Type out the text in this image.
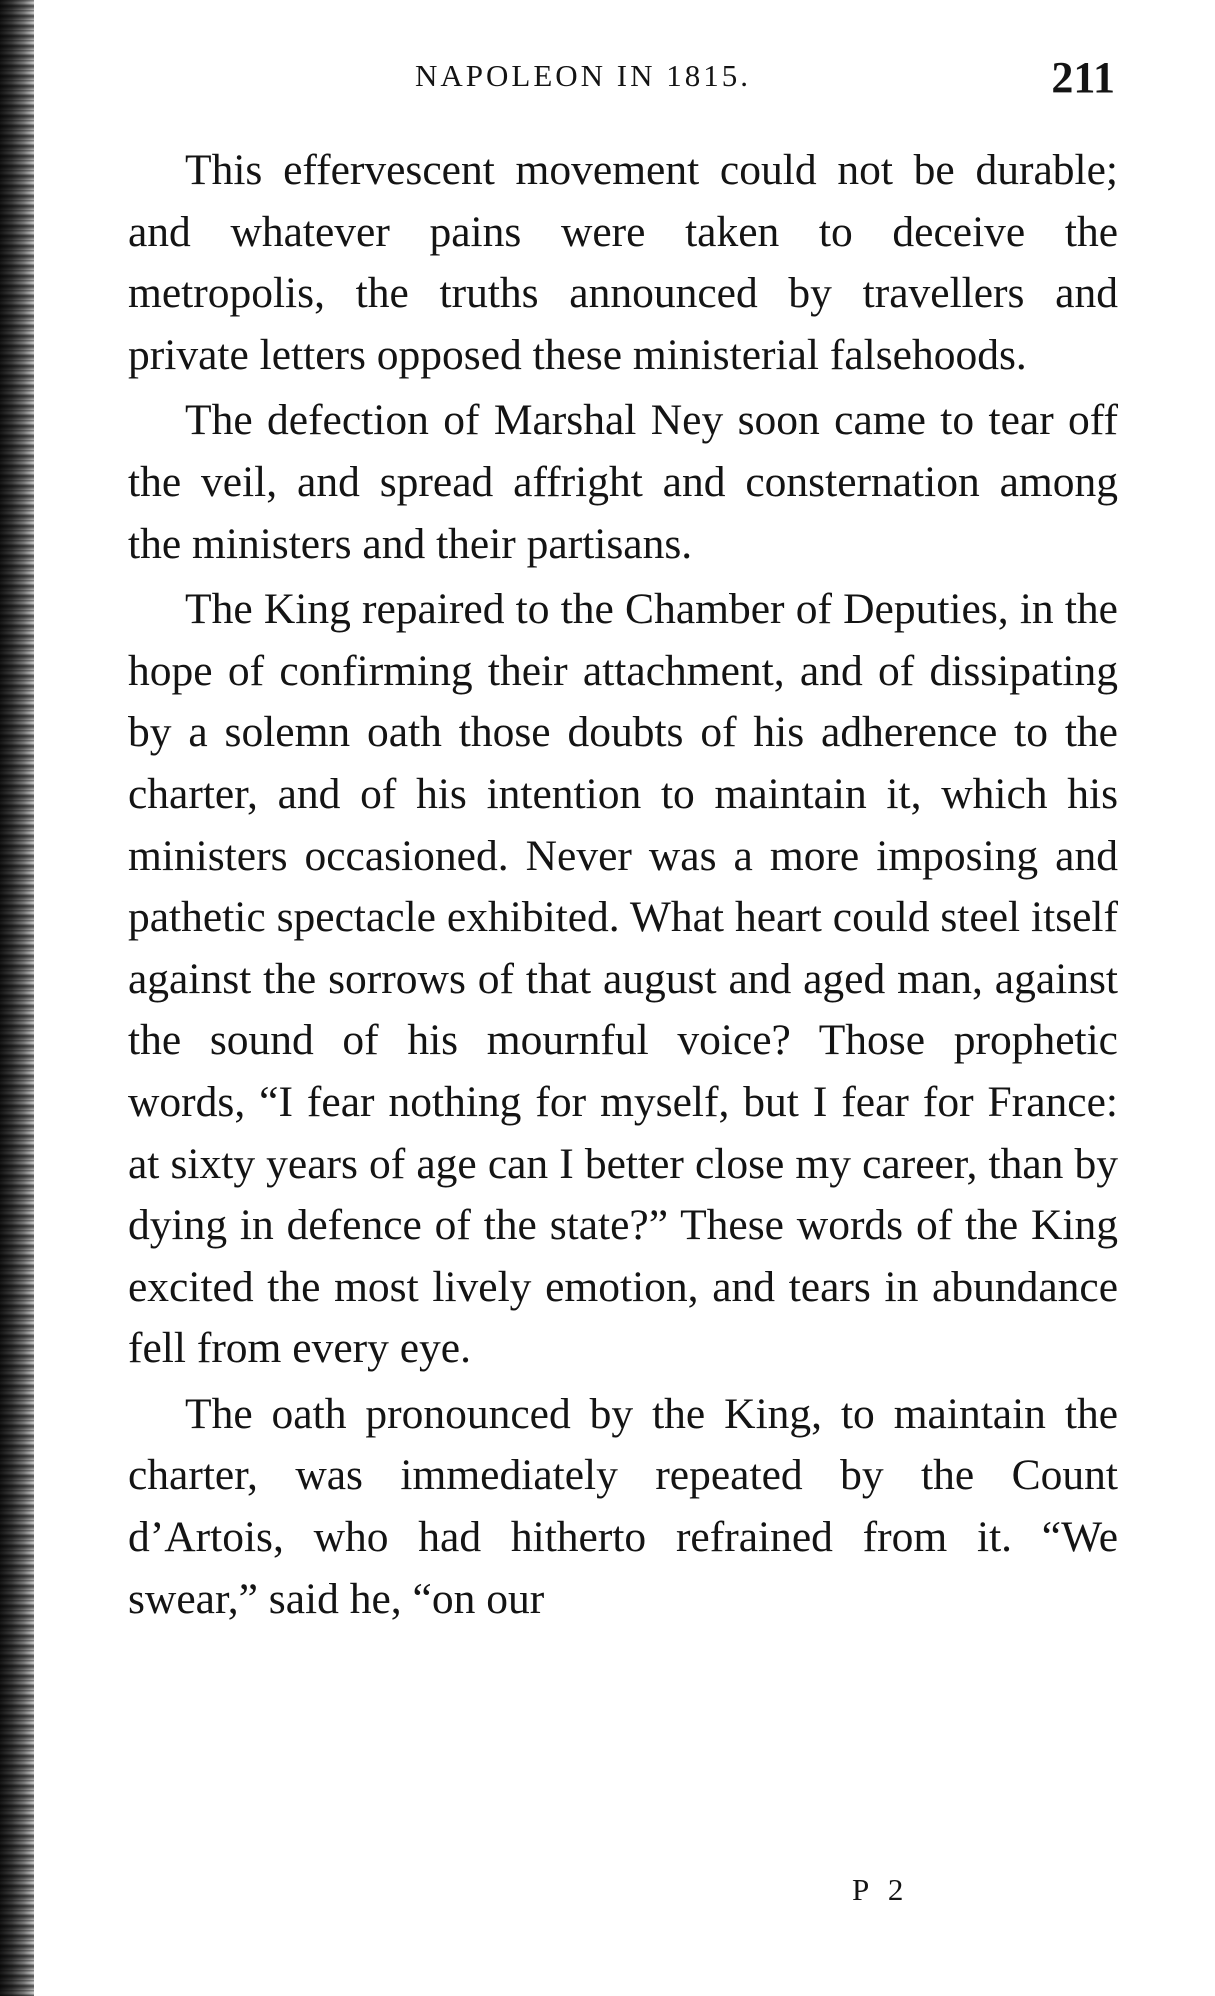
NAPOLEON IN 1815.	211

This effervescent movement could not be durable; and whatever pains were taken to deceive the metropolis, the truths announced by travellers and private letters opposed these ministerial falsehoods.

The defection of Marshal Ney soon came to tear off the veil, and spread affright and consternation among the ministers and their partisans.

The King repaired to the Chamber of Deputies, in the hope of confirming their attachment, and of dissipating by a solemn oath those doubts of his adherence to the charter, and of his intention to maintain it, which his ministers occasioned. Never was a more imposing and pathetic spectacle exhibited. What heart could steel itself against the sorrows of that august and aged man, against the sound of his mournful voice? Those prophetic words, “I fear nothing for myself, but I fear for France: at sixty years of age can I better close my career, than by dying in defence of the state?” These words of the King excited the most lively emotion, and tears in abundance fell from every eye.

The oath pronounced by the King, to maintain the charter, was immediately repeated by the Count d’Artois, who had hitherto refrained from it. “We swear,” said he, “on our

P 2
